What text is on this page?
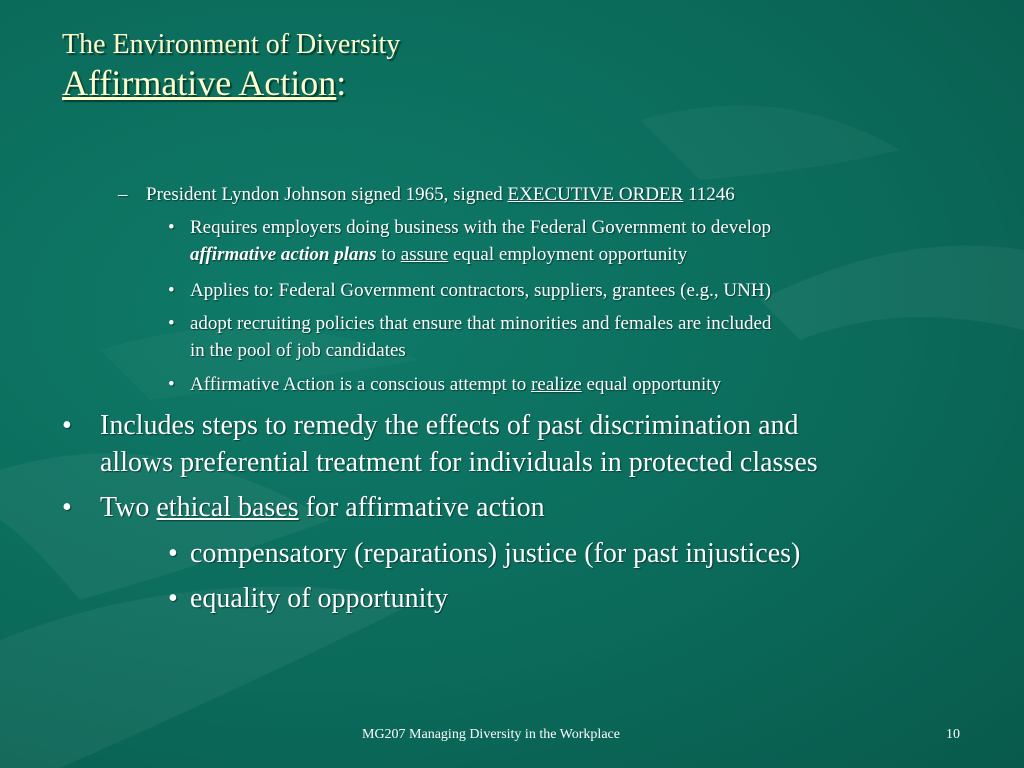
The Environment of Diversity
Affirmative Action:
– President Lyndon Johnson signed 1965, signed EXECUTIVE ORDER 11246
• Requires employers doing business with the Federal Government to develop
affirmative action plans to assure equal employment opportunity
• Applies to: Federal Government contractors, suppliers, grantees (e.g., UNH)
• adopt recruiting policies that ensure that minorities and females are included
in the pool of job candidates
• Affirmative Action is a conscious attempt to realize equal opportunity
• Includes steps to remedy the effects of past discrimination and
allows preferential treatment for individuals in protected classes
• Two ethical bases for affirmative action
• compensatory (reparations) justice (for past injustices)
• equality of opportunity
MG207 Managing Diversity in the Workplace	10
